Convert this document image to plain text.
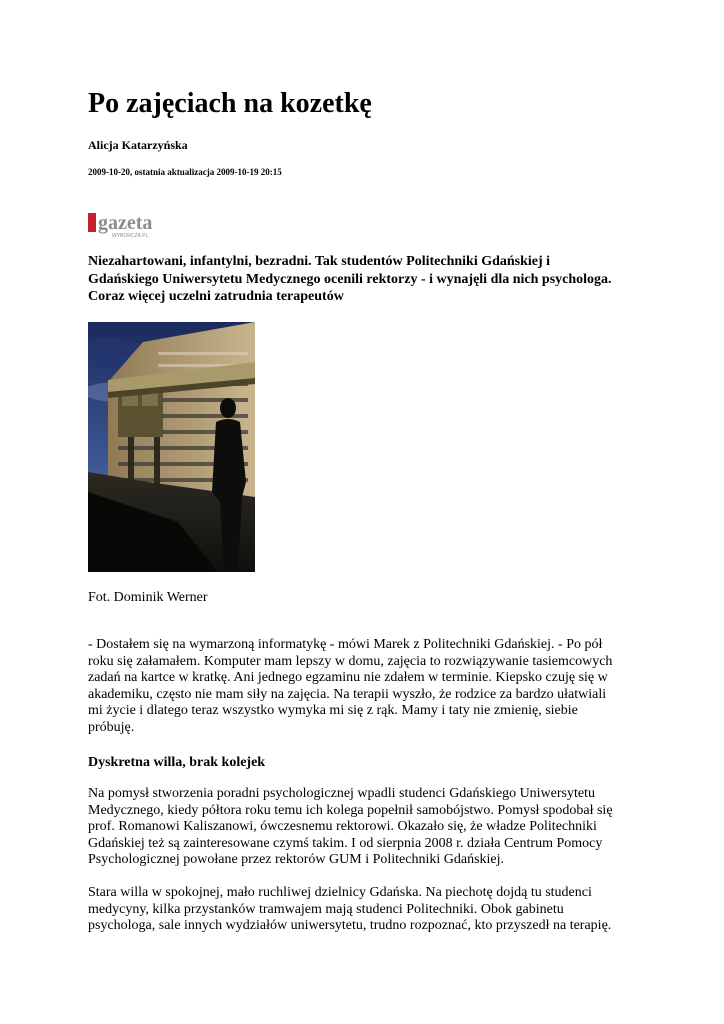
Po zajęciach na kozetkę
Alicja Katarzyńska
2009-10-20, ostatnia aktualizacja 2009-10-19 20:15
gazeta
WYBORCZA.PL
Niezahartowani, infantylni, bezradni. Tak studentów Politechniki Gdańskiej i
Gdańskiego Uniwersytetu Medycznego ocenili rektorzy - i wynajęli dla nich psychologa.
Coraz więcej uczelni zatrudnia terapeutów
Fot. Dominik Werner
- Dostałem się na wymarzoną informatykę - mówi Marek z Politechniki Gdańskiej. - Po pół
roku się załamałem. Komputer mam lepszy w domu, zajęcia to rozwiązywanie tasiemcowych
zadań na kartce w kratkę. Ani jednego egzaminu nie zdałem w terminie. Kiepsko czuję się w
akademiku, często nie mam siły na zajęcia. Na terapii wyszło, że rodzice za bardzo ułatwiali
mi życie i dlatego teraz wszystko wymyka mi się z rąk. Mamy i taty nie zmienię, siebie
próbuję.
Dyskretna willa, brak kolejek
Na pomysł stworzenia poradni psychologicznej wpadli studenci Gdańskiego Uniwersytetu
Medycznego, kiedy półtora roku temu ich kolega popełnił samobójstwo. Pomysł spodobał się
prof. Romanowi Kaliszanowi, ówczesnemu rektorowi. Okazało się, że władze Politechniki
Gdańskiej też są zainteresowane czymś takim. I od sierpnia 2008 r. działa Centrum Pomocy
Psychologicznej powołane przez rektorów GUM i Politechniki Gdańskiej.
Stara willa w spokojnej, mało ruchliwej dzielnicy Gdańska. Na piechotę dojdą tu studenci
medycyny, kilka przystanków tramwajem mają studenci Politechniki. Obok gabinetu
psychologa, sale innych wydziałów uniwersytetu, trudno rozpoznać, kto przyszedł na terapię.
